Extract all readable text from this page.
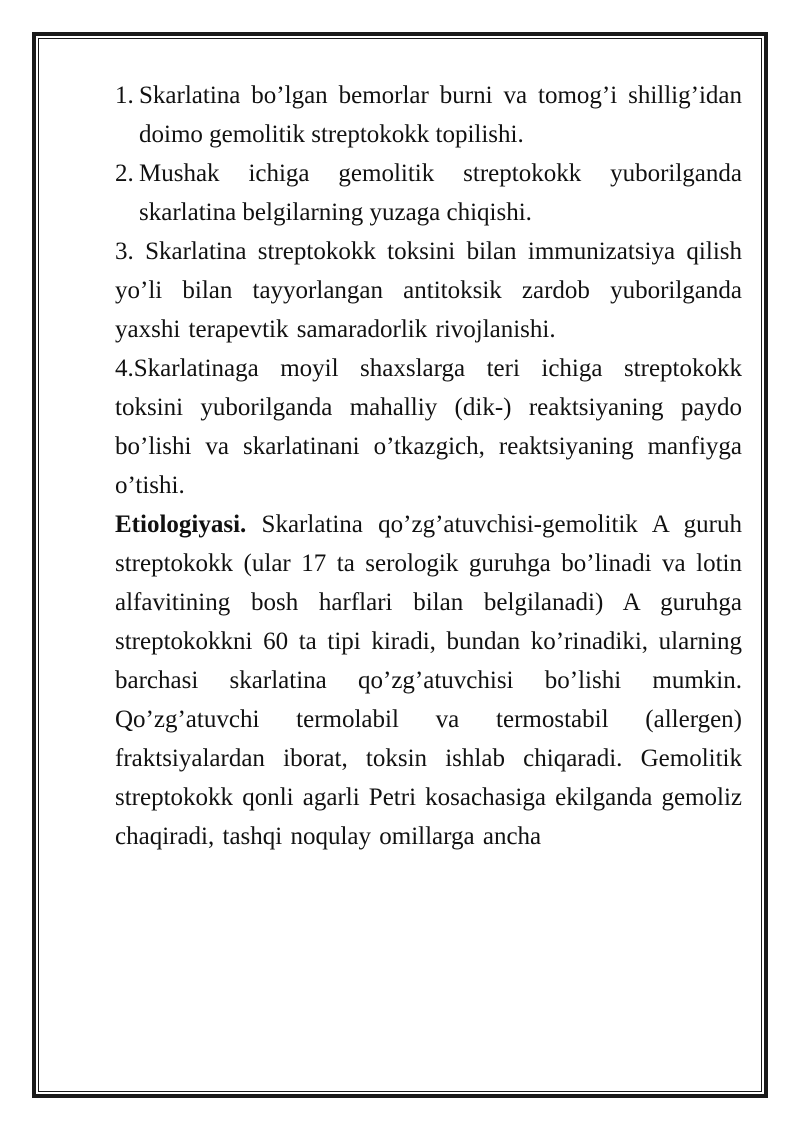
1. Skarlatina bo’lgan bemorlar burni va tomog’i shillig’idan doimo gemolitik streptokokk topilishi.
2. Mushak ichiga gemolitik streptokokk yuborilganda skarlatina belgilarning yuzaga chiqishi.

3. Skarlatina streptokokk toksini bilan immunizatsiya qilish yo’li bilan tayyorlangan antitoksik zardob yuborilganda yaxshi terapevtik samaradorlik rivojlanishi.

4.Skarlatinaga moyil shaxslarga teri ichiga streptokokk toksini yuborilganda mahalliy (dik-) reaktsiyaning paydo bo’lishi va skarlatinani o’tkazgich, reaktsiyaning manfiyga o’tishi.

Etiologiyasi. Skarlatina qo’zg’atuvchisi-gemolitik A guruh streptokokk (ular 17 ta serologik guruhga bo’linadi va lotin alfavitining bosh harflari bilan belgilanadi) A guruhga streptokokkni 60 ta tipi kiradi, bundan ko’rinadiki, ularning barchasi skarlatina qo’zg’atuvchisi bo’lishi mumkin. Qo’zg’atuvchi termolabil va termostabil (allergen) fraktsiyalardan iborat, toksin ishlab chiqaradi. Gemolitik streptokokk qonli agarli Petri kosachasiga ekilganda gemoliz chaqiradi, tashqi noqulay omillarga ancha
